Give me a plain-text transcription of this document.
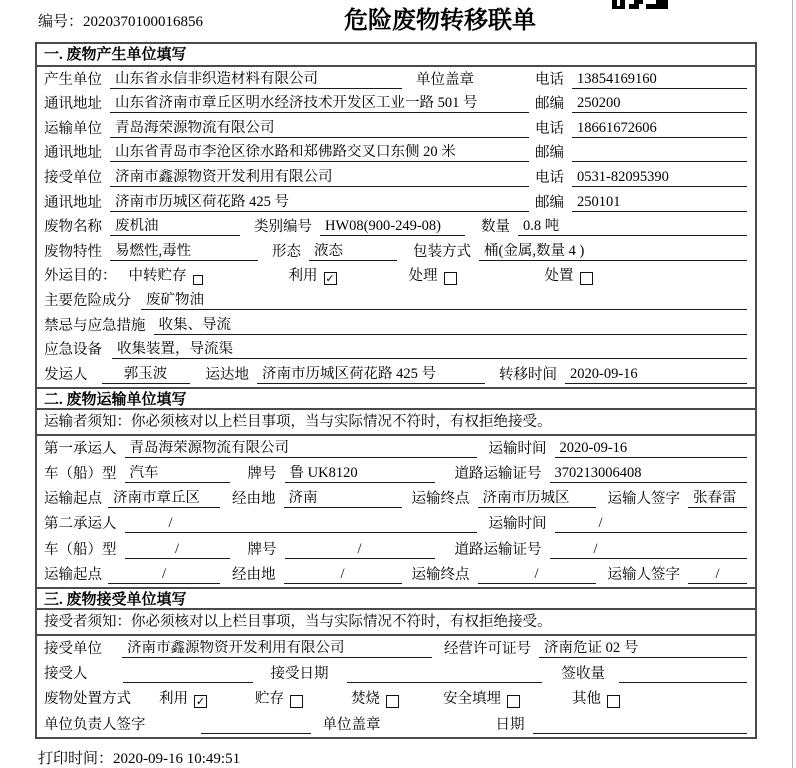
编号：2020370100016856	危险废物转移联单
一. 废物产生单位填写
产生单位 山东省永信非织造材料有限公司	单位盖章	电话 13854169160
通讯地址 山东省济南市章丘区明水经济技术开发区工业一路 501 号	邮编 250200
运输单位 青岛海荣源物流有限公司	电话 18661672606
通讯地址 山东省青岛市李沧区徐水路和郑佛路交叉口东侧 20 米	邮编
接受单位 济南市鑫源物资开发利用有限公司	电话 0531-82095390
通讯地址 济南市历城区荷花路 425 号	邮编 250101
废物名称 废机油	类别编号 HW08(900-249-08)	数量 0.8 吨
废物特性 易燃性,毒性	形态 液态	包装方式 桶(金属,数量 4 )
外运目的： 中转贮存	利用 ✓	处理	处置
主要危险成分	废矿物油
禁忌与应急措施 收集、导流
应急设备	收集装置，导流渠
发运人	郭玉波	运达地 济南市历城区荷花路 425 号	转移时间 2020-09-16
二. 废物运输单位填写
运输者须知：你必须核对以上栏目事项，当与实际情况不符时，有权拒绝接受。
第一承运人 青岛海荣源物流有限公司	运输时间 2020-09-16
车（船）型 汽车	牌号 鲁 UK8120	道路运输证号 370213006408
运输起点 济南市章丘区	经由地 济南	运输终点 济南市历城区	运输人签字 张春雷
第二承运人	/	运输时间	/
车（船）型	/	牌号	/	道路运输证号	/
运输起点	/	经由地	/	运输终点	/	运输人签字	/
三. 废物接受单位填写
接受者须知：你必须核对以上栏目事项，当与实际情况不符时，有权拒绝接受。
接受单位	济南市鑫源物资开发利用有限公司	经营许可证号 济南危证 02 号
接受人	接受日期	签收量
废物处置方式 利用 ✓	贮存	焚烧	安全填埋	其他
单位负责人签字	单位盖章	日期
打印时间：2020-09-16 10:49:51
